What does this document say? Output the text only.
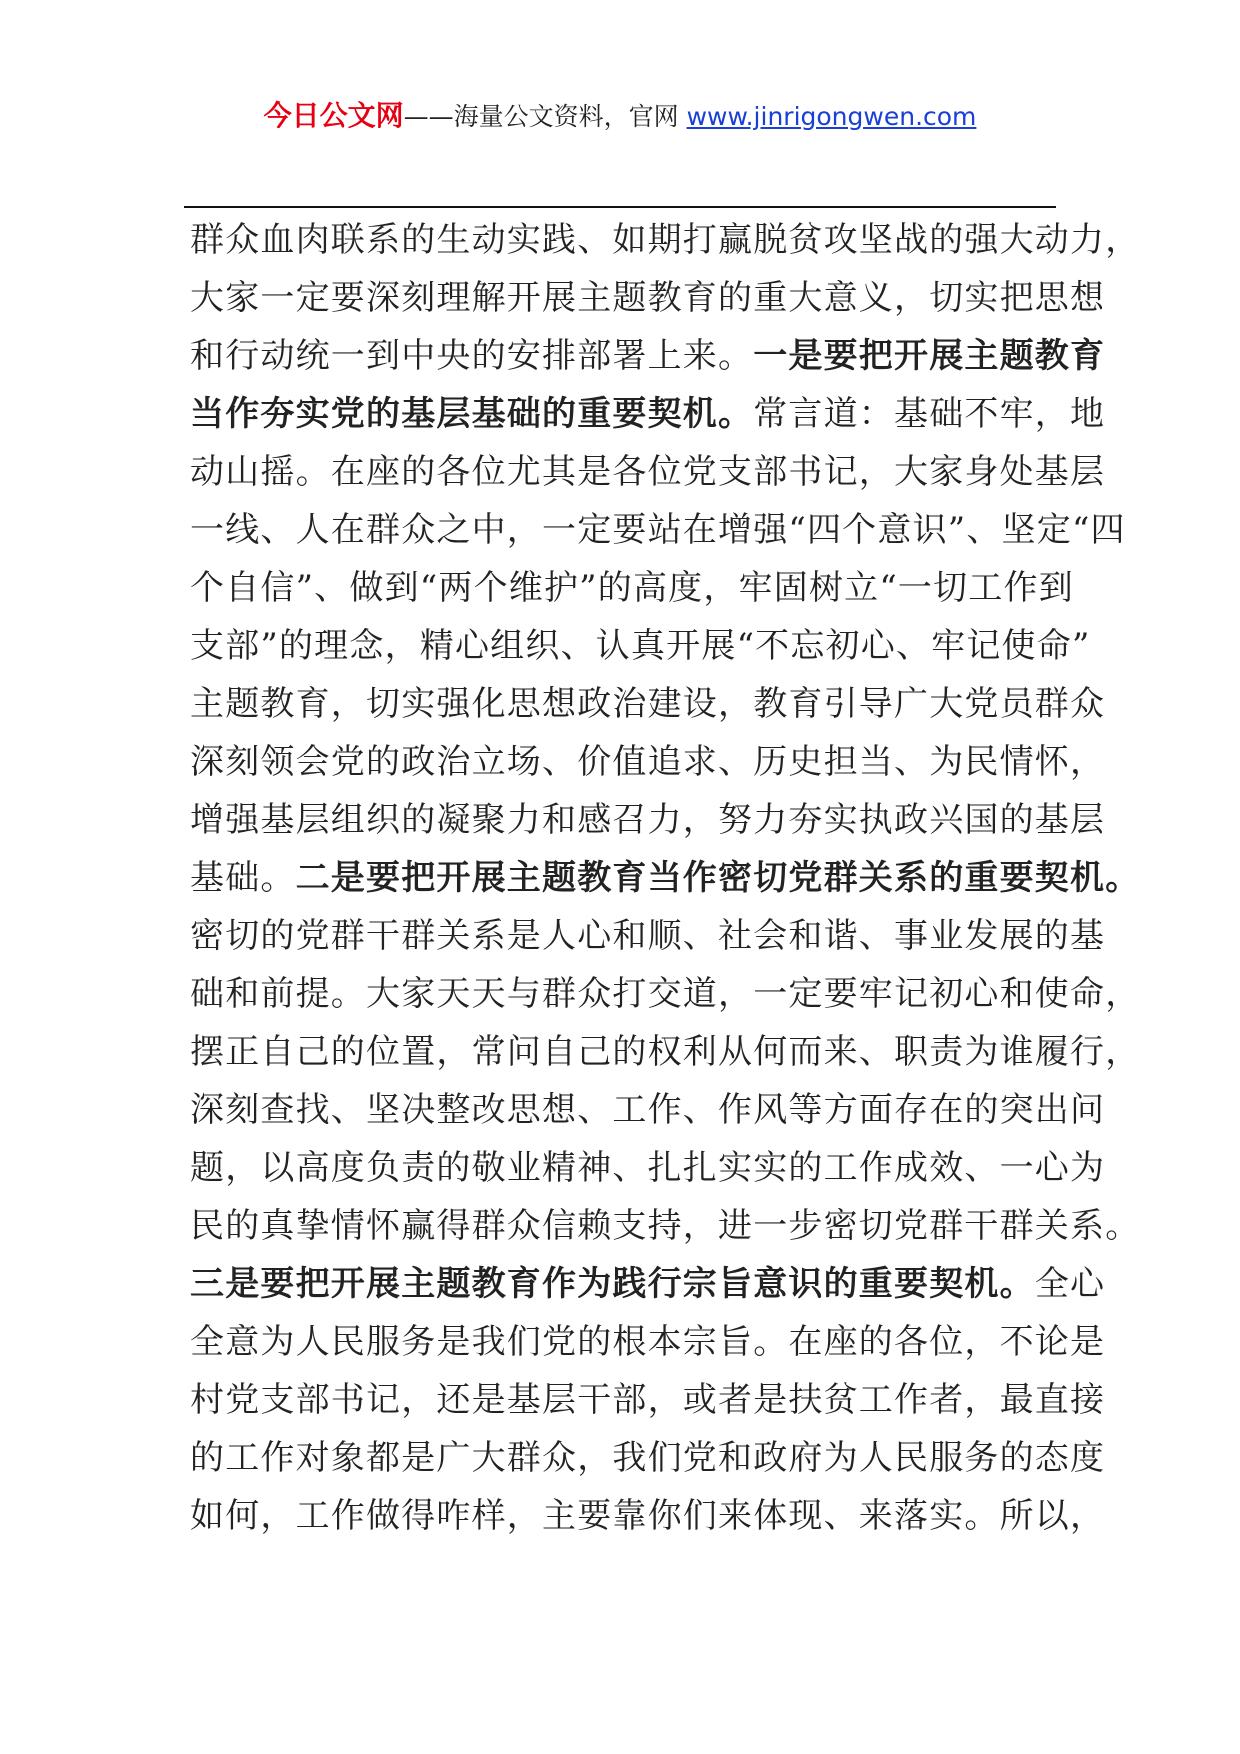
今日公文网——海量公文资料，官网 www.jinrigongwen.com
群众血肉联系的生动实践、如期打赢脱贫攻坚战的强大动力，
大家一定要深刻理解开展主题教育的重大意义，切实把思想
和行动统一到中央的安排部署上来。一是要把开展主题教育
当作夯实党的基层基础的重要契机。常言道：基础不牢，地
动山摇。在座的各位尤其是各位党支部书记，大家身处基层
一线、人在群众之中，一定要站在增强“四个意识”、坚定“四
个自信”、做到“两个维护”的高度，牢固树立“一切工作到
支部”的理念，精心组织、认真开展“不忘初心、牢记使命”
主题教育，切实强化思想政治建设，教育引导广大党员群众
深刻领会党的政治立场、价值追求、历史担当、为民情怀，
增强基层组织的凝聚力和感召力，努力夯实执政兴国的基层
基础。二是要把开展主题教育当作密切党群关系的重要契机。
密切的党群干群关系是人心和顺、社会和谐、事业发展的基
础和前提。大家天天与群众打交道，一定要牢记初心和使命，
摆正自己的位置，常问自己的权利从何而来、职责为谁履行，
深刻查找、坚决整改思想、工作、作风等方面存在的突出问
题，以高度负责的敬业精神、扎扎实实的工作成效、一心为
民的真挚情怀赢得群众信赖支持，进一步密切党群干群关系。
三是要把开展主题教育作为践行宗旨意识的重要契机。全心
全意为人民服务是我们党的根本宗旨。在座的各位，不论是
村党支部书记，还是基层干部，或者是扶贫工作者，最直接
的工作对象都是广大群众，我们党和政府为人民服务的态度
如何，工作做得咋样，主要靠你们来体现、来落实。所以，
